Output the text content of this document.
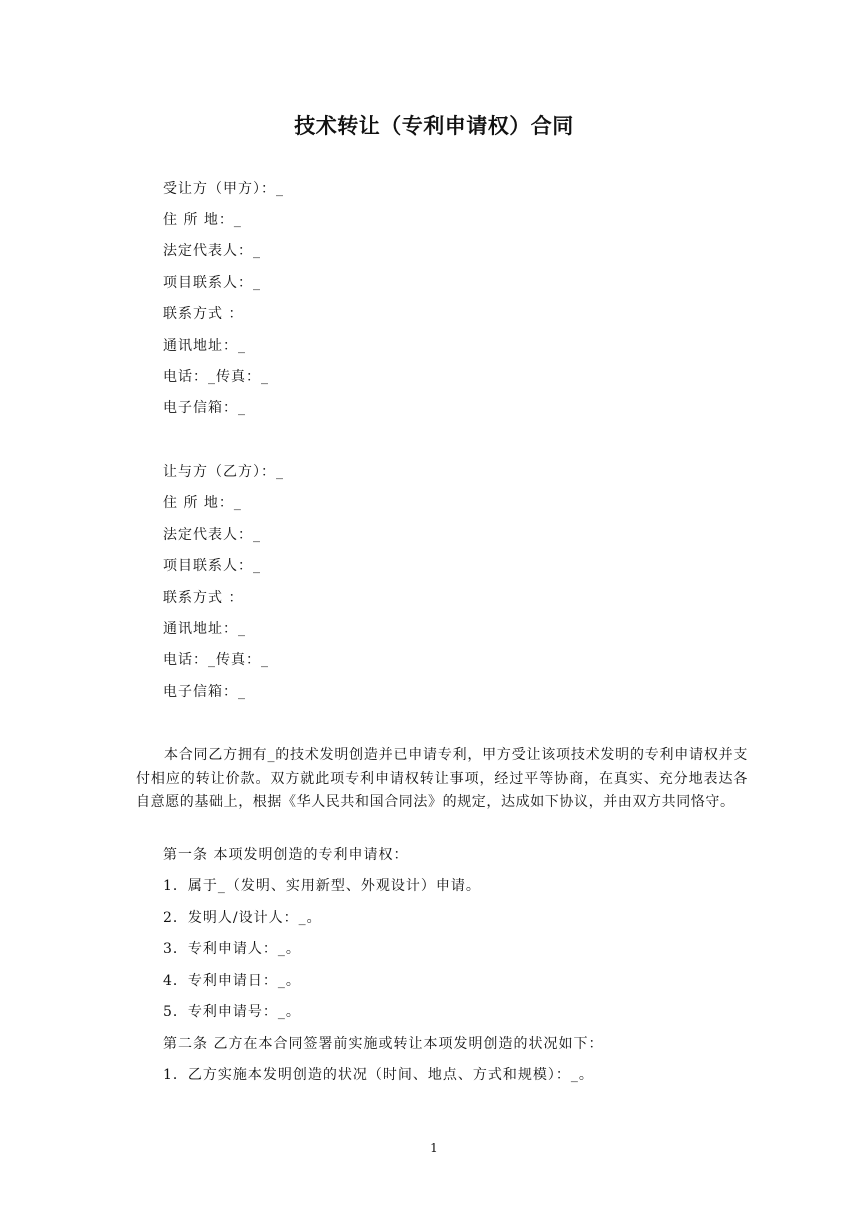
技术转让（专利申请权）合同
受让方（甲方）：_
住 所 地：_
法定代表人：_
项目联系人：_
联系方式 ：
通讯地址：_
电话：_传真：_
电子信箱：_
让与方（乙方）：_
住 所 地：_
法定代表人：_
项目联系人：_
联系方式 ：
通讯地址：_
电话：_传真：_
电子信箱：_
本合同乙方拥有_的技术发明创造并已申请专利，甲方受让该项技术发明的专利申请权并支付相应的转让价款。双方就此项专利申请权转让事项，经过平等协商，在真实、充分地表达各自意愿的基础上，根据《华人民共和国合同法》的规定，达成如下协议，并由双方共同恪守。
第一条 本项发明创造的专利申请权：
1．属于_（发明、实用新型、外观设计）申请。
2．发明人/设计人：_。
3．专利申请人：_。
4．专利申请日：_。
5．专利申请号：_。
第二条 乙方在本合同签署前实施或转让本项发明创造的状况如下：
1．乙方实施本发明创造的状况（时间、地点、方式和规模）：_。
1
